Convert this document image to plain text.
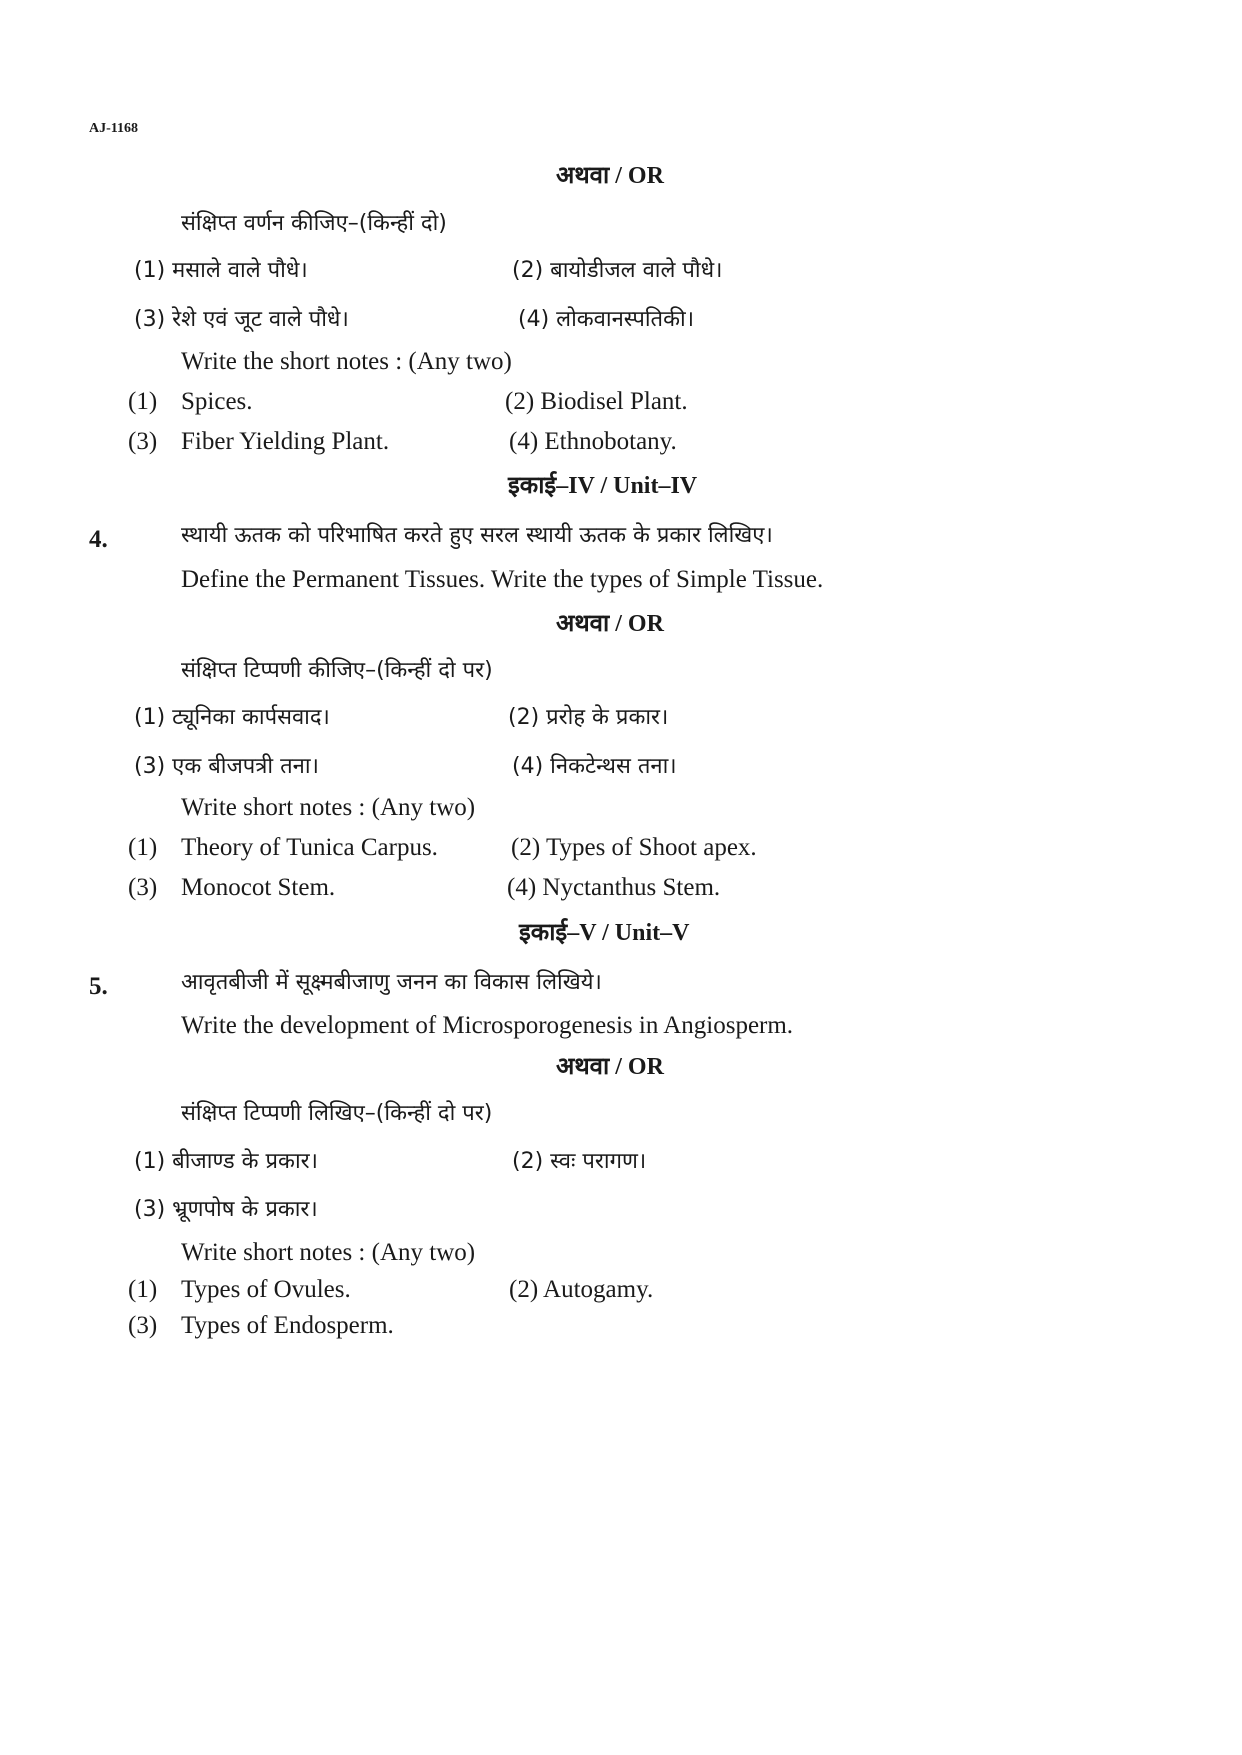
AJ-1168
अथवा / OR
संक्षिप्त वर्णन कीजिए–(किन्हीं दो)
(1) मसाले वाले पौधे।	(2) बायोडीजल वाले पौधे।
(3) रेशे एवं जूट वाले पौधे।	(4) लोकवानस्पतिकी।
Write the short notes : (Any two)
(1) Spices.	(2) Biodisel Plant.
(3) Fiber Yielding Plant.	(4) Ethnobotany.
इकाई–IV / Unit–IV
4.	स्थायी ऊतक को परिभाषित करते हुए सरल स्थायी ऊतक के प्रकार लिखिए।
Define the Permanent Tissues. Write the types of Simple Tissue.
अथवा / OR
संक्षिप्त टिप्पणी कीजिए–(किन्हीं दो पर)
(1) ट्यूनिका कार्पसवाद।	(2) प्ररोह के प्रकार।
(3) एक बीजपत्री तना।	(4) निकटेन्थस तना।
Write short notes : (Any two)
(1) Theory of Tunica Carpus.	(2) Types of Shoot apex.
(3) Monocot Stem.	(4) Nyctanthus Stem.
इकाई–V / Unit–V
5.	आवृतबीजी में सूक्ष्मबीजाणु जनन का विकास लिखिये।
Write the development of Microsporogenesis in Angiosperm.
अथवा / OR
संक्षिप्त टिप्पणी लिखिए–(किन्हीं दो पर)
(1) बीजाण्ड के प्रकार।	(2) स्वः परागण।
(3) भ्रूणपोष के प्रकार।
Write short notes : (Any two)
(1) Types of Ovules.	(2) Autogamy.
(3) Types of Endosperm.
